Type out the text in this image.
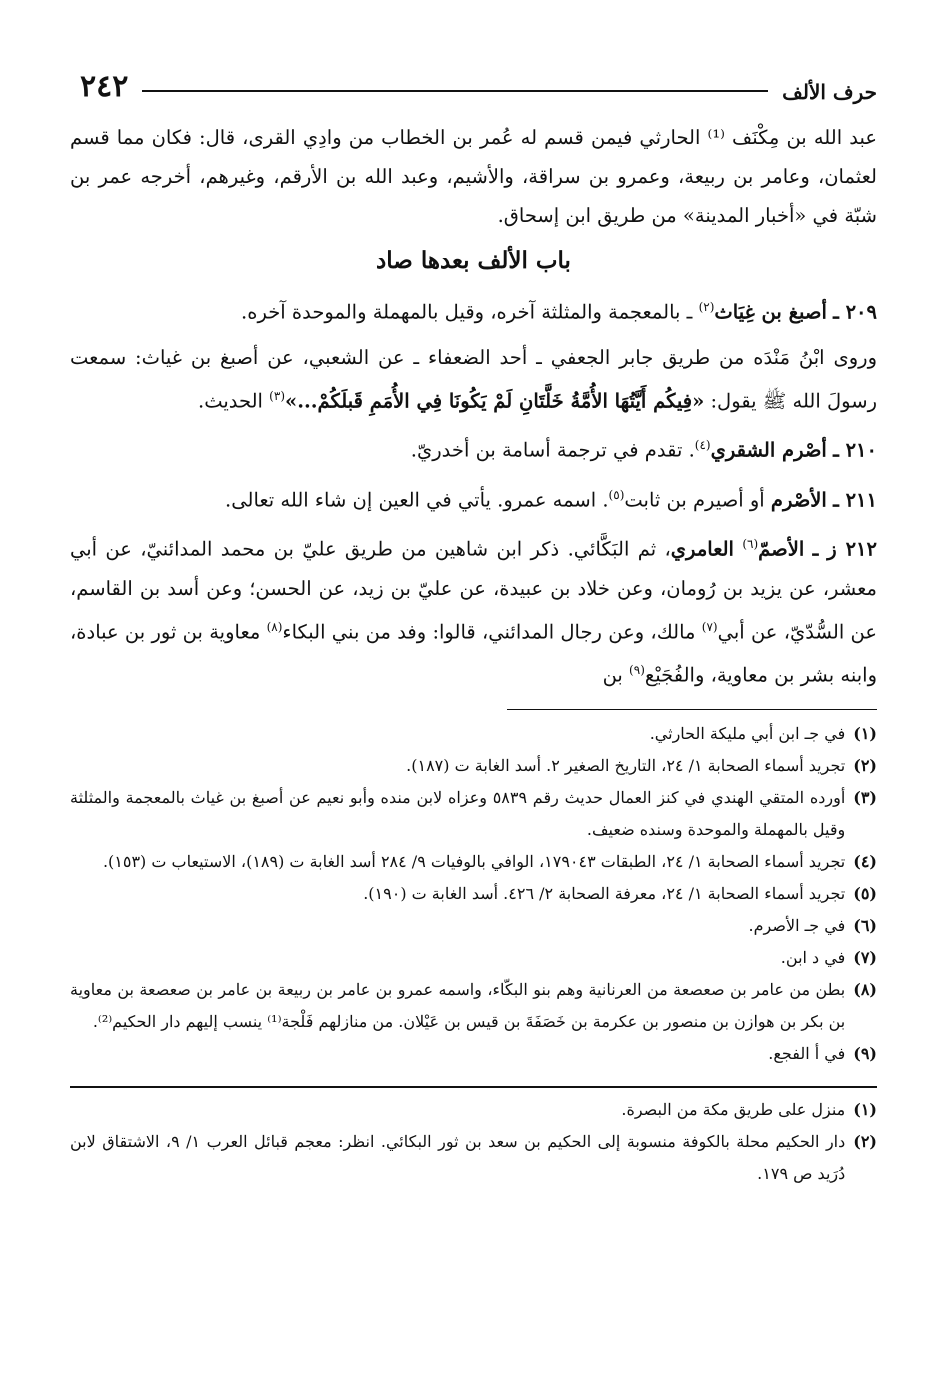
حرف الألف
٢٤٢

عبد الله بن مِكْنَف ⁽¹⁾ الحارثي فيمن قسم له عُمر بن الخطاب من وادِي القرى، قال: فكان مما قسم لعثمان، وعامر بن ربيعة، وعمرو بن سراقة، والأشيم، وعبد الله بن الأرقم، وغيرهم، أخرجه عمر بن شبّة في «أخبار المدينة» من طريق ابن إسحاق.

باب الألف بعدها صاد

٢٠٩ ـ أصبغ بن غِيَاث$^{(٢)}$ ـ بالمعجمة والمثلثة آخره، وقيل بالمهملة والموحدة آخره.

وروى ابْنُ مَنْدَه من طريق جابر الجعفي ـ أحد الضعفاء ـ عن الشعبي، عن أصبغ بن غياث: سمعت رسولَ الله ﷺ يقول: «فِيكُم أَيَّتُهَا الأُمَّةُ خَلَّتَانِ لَمْ يَكُونَا فِي الأُمَمِ قَبلَكُمْ...»$^{(٣)}$ الحديث.

٢١٠ ـ أصْرم الشقري$^{(٤)}$. تقدم في ترجمة أسامة بن أخدريّ.

٢١١ ـ الأصْرم أو أصيرم بن ثابت$^{(٥)}$. اسمه عمرو. يأتي في العين إن شاء الله تعالى.

٢١٢ ز ـ الأصمّ$^{(٦)}$ العامري، ثم البَكَّائي. ذكر ابن شاهين من طريق عليّ بن محمد المدائنيّ، عن أبي معشر، عن يزيد بن رُومان، وعن خلاد بن عبيدة، عن عليّ بن زيد، عن الحسن؛ وعن أسد بن القاسم، عن السُّدّيّ، عن أبي$^{(٧)}$ مالك، وعن رجال المدائني، قالوا: وفد من بني البكاء$^{(٨)}$ معاوية بن ثور بن عبادة، وابنه بشر بن معاوية، والفُجَيْع$^{(٩)}$ بن

(١)
في جـ ابن أبي مليكة الحارثي.

(٢)
تجريد أسماء الصحابة ١/ ٢٤، التاريخ الصغير ٢. أسد الغابة ت (١٨٧).

(٣)
أورده المتقي الهندي في كنز العمال حديث رقم ٥٨٣٩ وعزاه لابن منده وأبو نعيم عن أصبغ بن غياث بالمعجمة والمثلثة وقيل بالمهملة والموحدة وسنده ضعيف.

(٤)
تجريد أسماء الصحابة ١/ ٢٤، الطبقات ١٧٩٠٤٣، الوافي بالوفيات ٩/ ٢٨٤ أسد الغابة ت (١٨٩)، الاستيعاب ت (١٥٣).

(٥)
تجريد أسماء الصحابة ١/ ٢٤، معرفة الصحابة ٢/ ٤٢٦. أسد الغابة ت (١٩٠).

(٦)
في جـ الأصرم.

(٧)
في د ابن.

(٨)
بطن من عامر بن صعصعة من العرنانية وهم بنو البكّاء، واسمه عمرو بن عامر بن ربيعة بن عامر بن صعصعة بن معاوية بن بكر بن هوازن بن منصور بن عكرمة بن خَصَفَةَ بن قيس بن عَيْلان. من منازلهم فَلْجة⁽¹⁾ ينسب إليهم دار الحكيم⁽²⁾.

(٩)
في أ الفجع.

(١)
منزل على طريق مكة من البصرة.

(٢)
دار الحكيم محلة بالكوفة منسوبة إلى الحكيم بن سعد بن ثور البكائي. انظر: معجم قبائل العرب ١/ ٩، الاشتقاق لابن دُرَيد ص ١٧٩.
